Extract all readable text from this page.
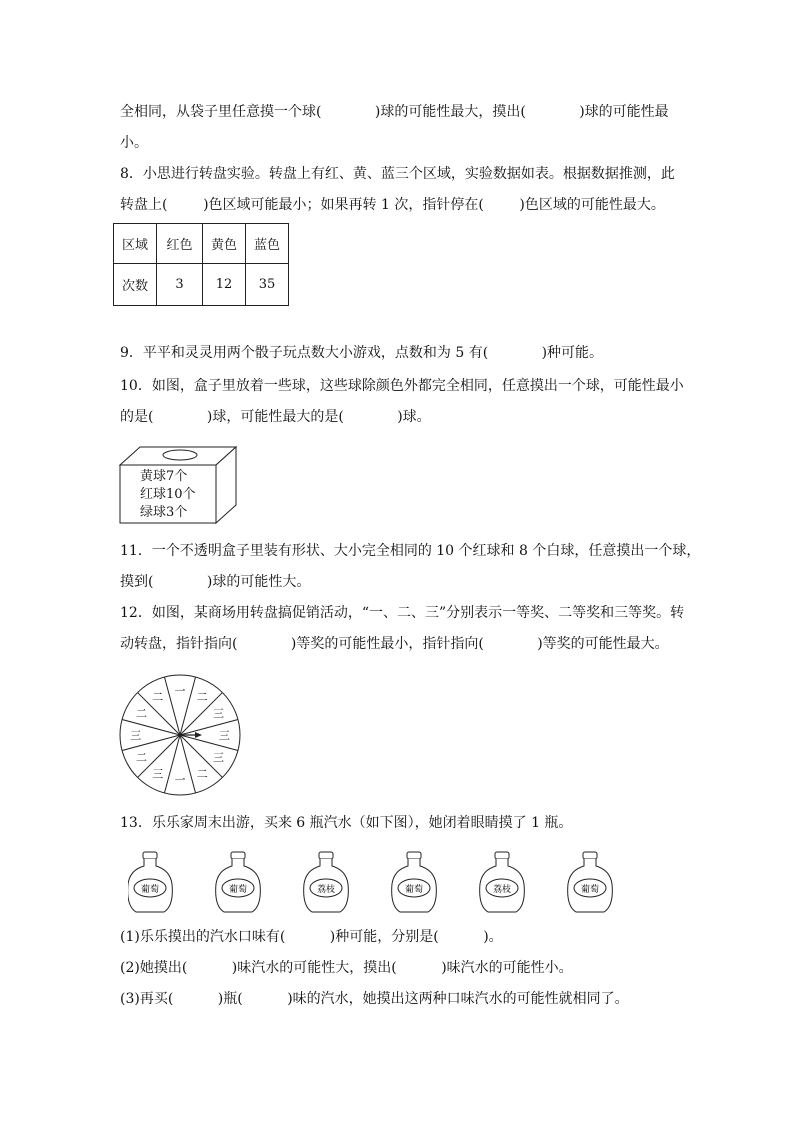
全相同，从袋子里任意摸一个球(            )球的可能性最大，摸出(            )球的可能性最
小。
8．小思进行转盘实验。转盘上有红、黄、蓝三个区域，实验数据如表。根据数据推测，此
转盘上(        )色区域可能最小；如果再转 1 次，指针停在(        )色区域的可能性最大。
区域	红色	黄色	蓝色
次数	3	12	35
9．平平和灵灵用两个骰子玩点数大小游戏，点数和为 5 有(            )种可能。
10．如图，盒子里放着一些球，这些球除颜色外都完全相同，任意摸出一个球，可能性最小
的是(            )球，可能性最大的是(            )球。
黄球7个
红球10个
绿球3个
11．一个不透明盒子里装有形状、大小完全相同的 10 个红球和 8 个白球，任意摸出一个球，
摸到(            )球的可能性大。
12．如图，某商场用转盘搞促销活动，“一、二、三”分别表示一等奖、二等奖和三等奖。转
动转盘，指针指向(            )等奖的可能性最小，指针指向(            )等奖的可能性最大。
一 二
三
三
三
二
一
三
二
三
二
二
13．乐乐家周末出游，买来 6 瓶汽水（如下图），她闭着眼睛摸了 1 瓶。
葡萄	葡萄	荔枝	葡萄	荔枝	葡萄
(1)乐乐摸出的汽水口味有(          )种可能，分别是(          )。
(2)她摸出(          )味汽水的可能性大，摸出(          )味汽水的可能性小。
(3)再买(          )瓶(          )味的汽水，她摸出这两种口味汽水的可能性就相同了。
